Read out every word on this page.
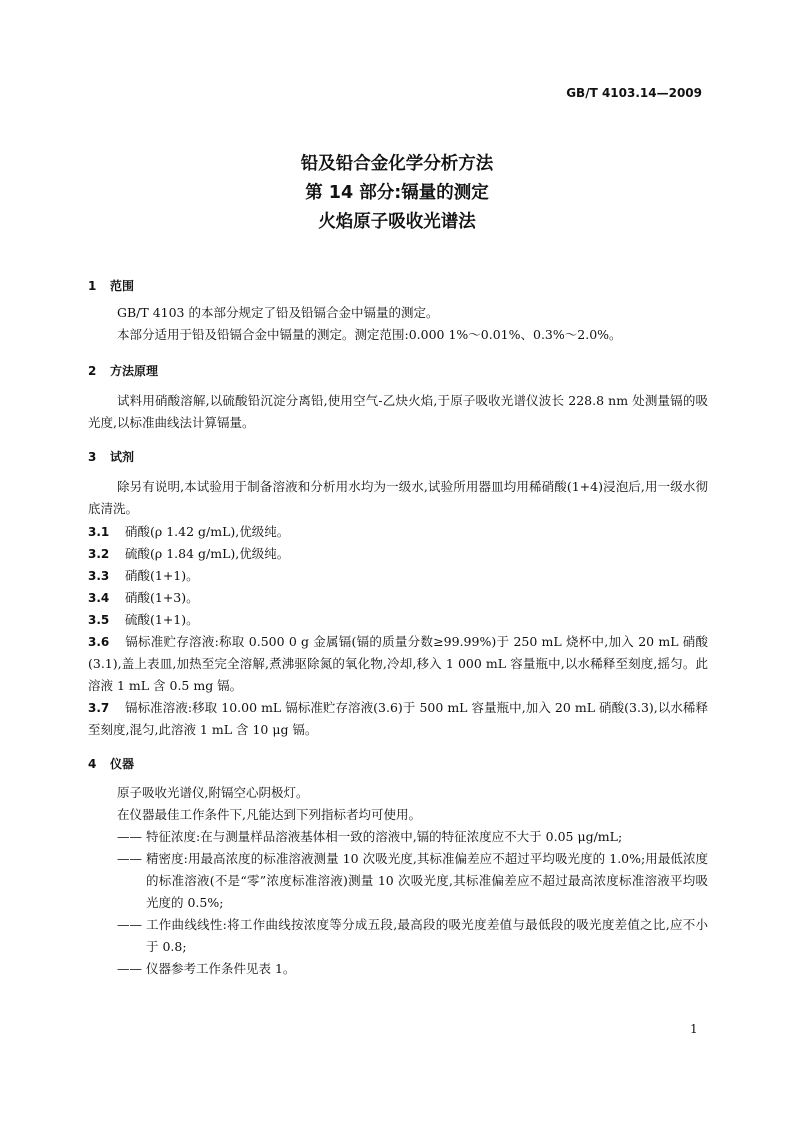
GB/T 4103.14—2009
铅及铅合金化学分析方法
第 14 部分:镉量的测定
火焰原子吸收光谱法
1 范围
GB/T 4103 的本部分规定了铅及铅镉合金中镉量的测定。
本部分适用于铅及铅镉合金中镉量的测定。测定范围:0.000 1%～0.01%、0.3%～2.0%。
2 方法原理
试料用硝酸溶解,以硫酸铅沉淀分离铅,使用空气-乙炔火焰,于原子吸收光谱仪波长 228.8 nm 处测量镉的吸光度,以标准曲线法计算镉量。
3 试剂
除另有说明,本试验用于制备溶液和分析用水均为一级水,试验所用器皿均用稀硝酸(1+4)浸泡后,用一级水彻底清洗。
3.1 硝酸(ρ 1.42 g/mL),优级纯。
3.2 硫酸(ρ 1.84 g/mL),优级纯。
3.3 硝酸(1+1)。
3.4 硝酸(1+3)。
3.5 硫酸(1+1)。
3.6 镉标准贮存溶液:称取 0.500 0 g 金属镉(镉的质量分数≥99.99%)于 250 mL 烧杯中,加入 20 mL 硝酸(3.1),盖上表皿,加热至完全溶解,煮沸驱除氮的氧化物,冷却,移入 1 000 mL 容量瓶中,以水稀释至刻度,摇匀。此溶液 1 mL 含 0.5 mg 镉。
3.7 镉标准溶液:移取 10.00 mL 镉标准贮存溶液(3.6)于 500 mL 容量瓶中,加入 20 mL 硝酸(3.3),以水稀释至刻度,混匀,此溶液 1 mL 含 10 μg 镉。
4 仪器
原子吸收光谱仪,附镉空心阴极灯。
在仪器最佳工作条件下,凡能达到下列指标者均可使用。
—— 特征浓度:在与测量样品溶液基体相一致的溶液中,镉的特征浓度应不大于 0.05 μg/mL;
—— 精密度:用最高浓度的标准溶液测量 10 次吸光度,其标准偏差应不超过平均吸光度的 1.0%;用最低浓度的标准溶液(不是“零”浓度标准溶液)测量 10 次吸光度,其标准偏差应不超过最高浓度标准溶液平均吸光度的 0.5%;
—— 工作曲线线性:将工作曲线按浓度等分成五段,最高段的吸光度差值与最低段的吸光度差值之比,应不小于 0.8;
—— 仪器参考工作条件见表 1。
1
